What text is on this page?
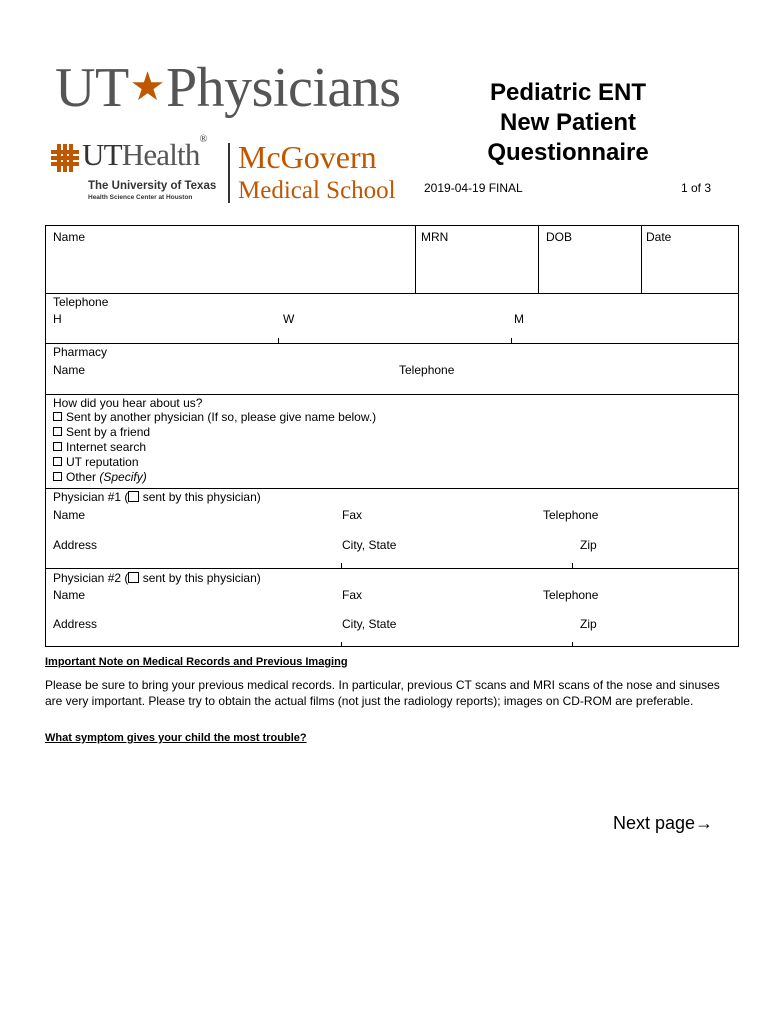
UT★Physicians
UTHealth®
The University of Texas
Health Science Center at Houston
McGovern
Medical School
Pediatric ENT
New Patient
Questionnaire
2019-04-19 FINAL	1 of 3
Name	MRN	DOB	Date
Telephone
H	W	M
Pharmacy
Name	Telephone
How did you hear about us?
Sent by another physician (If so, please give name below.)
Sent by a friend
Internet search
UT reputation
Other (Specify)
Physician #1 ( sent by this physician)
Name	Fax	Telephone
Address	City, State	Zip
Physician #2 ( sent by this physician)
Name	Fax	Telephone
Address	City, State	Zip
Important Note on Medical Records and Previous Imaging
Please be sure to bring your previous medical records. In particular, previous CT scans and MRI scans of the nose and sinuses are very important. Please try to obtain the actual films (not just the radiology reports); images on CD-ROM are preferable.
What symptom gives your child the most trouble?
Next page→
